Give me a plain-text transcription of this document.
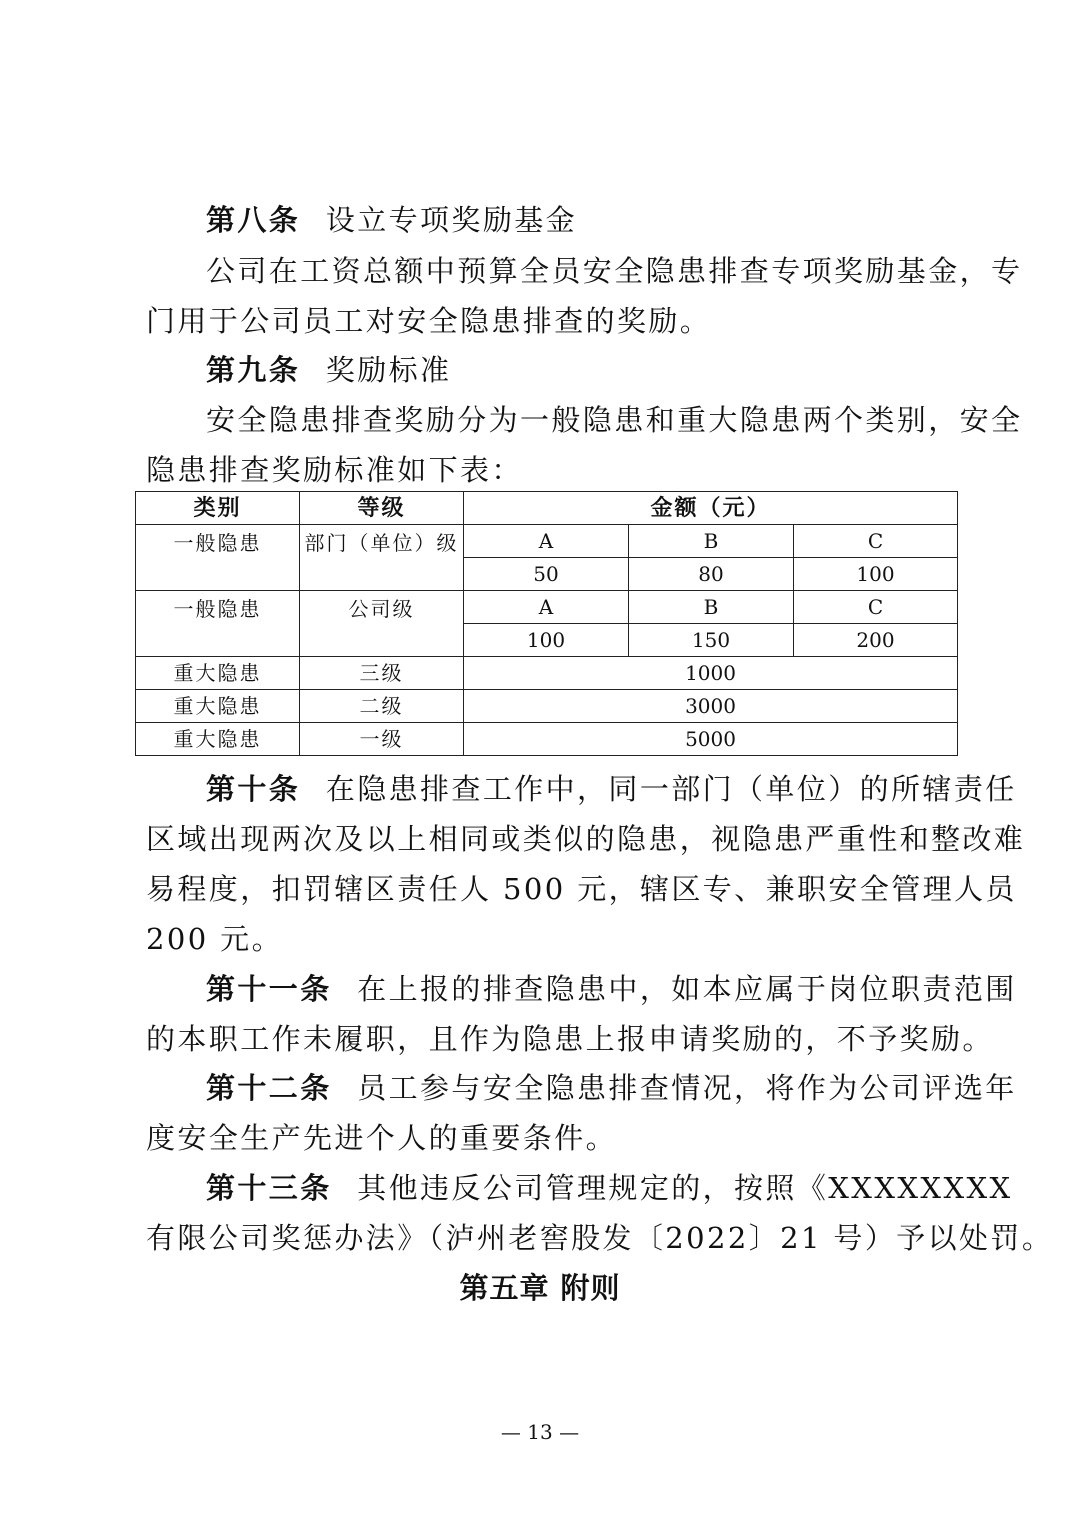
第八条 设立专项奖励基金
公司在工资总额中预算全员安全隐患排查专项奖励基金，专
门用于公司员工对安全隐患排查的奖励。
第九条 奖励标准
安全隐患排查奖励分为一般隐患和重大隐患两个类别，安全
隐患排查奖励标准如下表：
类别	等级	金额（元）		
一般隐患	部门（单位）级	A	B	C
		50	80	100
一般隐患	公司级	A	B	C
		100	150	200
重大隐患	三级	1000		
重大隐患	二级	3000		
重大隐患	一级	5000		
第十条 在隐患排查工作中，同一部门（单位）的所辖责任
区域出现两次及以上相同或类似的隐患，视隐患严重性和整改难
易程度，扣罚辖区责任人 500 元，辖区专、兼职安全管理人员
200 元。
第十一条 在上报的排查隐患中，如本应属于岗位职责范围
的本职工作未履职，且作为隐患上报申请奖励的，不予奖励。
第十二条 员工参与安全隐患排查情况，将作为公司评选年
度安全生产先进个人的重要条件。
第十三条 其他违反公司管理规定的，按照《XXXXXXXX
有限公司奖惩办法》（泸州老窖股发〔2022〕21 号）予以处罚。
第五章 附则
— 13 —
